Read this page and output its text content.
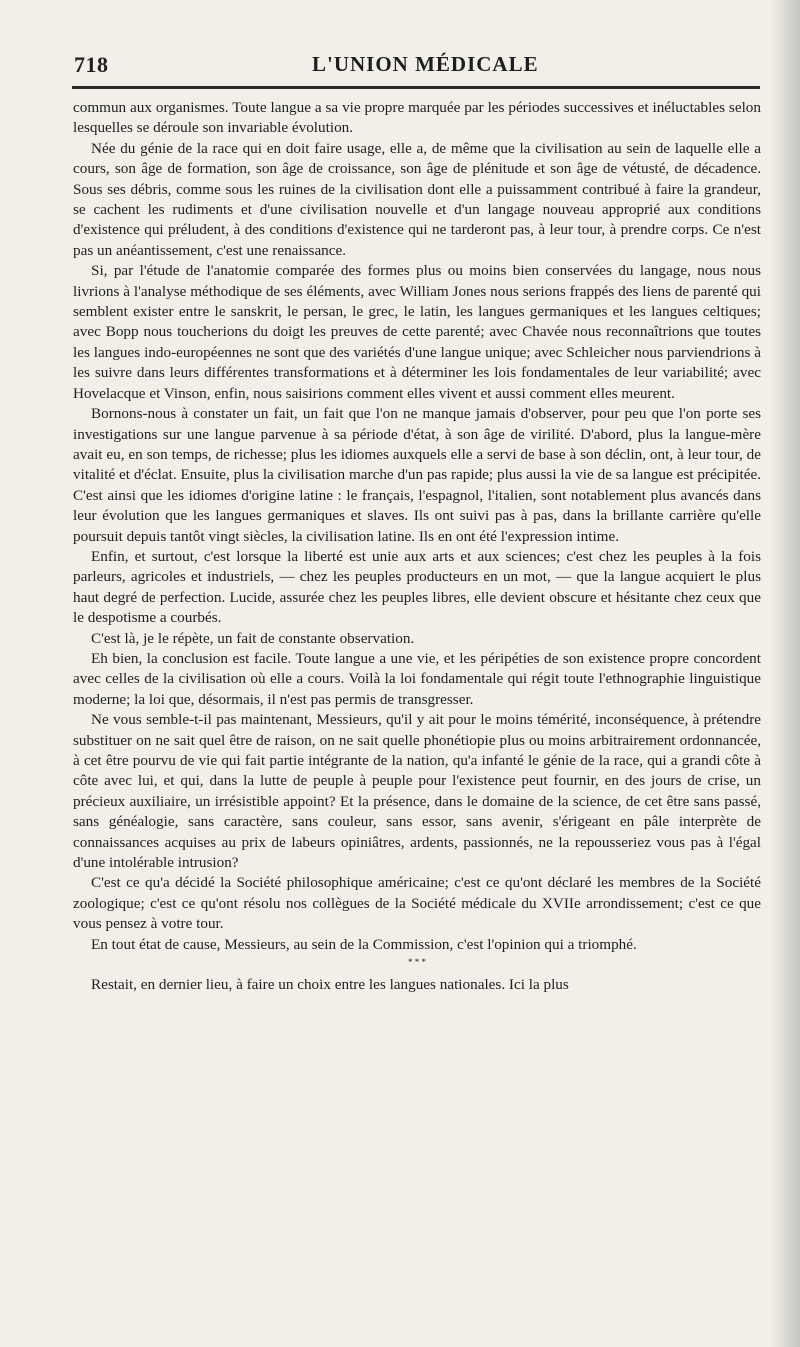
718	L'UNION MÉDICALE

commun aux organismes. Toute langue a sa vie propre marquée par les périodes successives et inéluctables selon lesquelles se déroule son invariable évolution.

Née du génie de la race qui en doit faire usage, elle a, de même que la civilisation au sein de laquelle elle a cours, son âge de formation, son âge de croissance, son âge de plénitude et son âge de vétusté, de décadence. Sous ses débris, comme sous les ruines de la civilisation dont elle a puissamment contribué à faire la grandeur, se cachent les rudiments et d'une civilisation nouvelle et d'un langage nouveau approprié aux conditions d'existence qui préludent, à des conditions d'existence qui ne tarderont pas, à leur tour, à prendre corps. Ce n'est pas un anéantissement, c'est une renaissance.

Si, par l'étude de l'anatomie comparée des formes plus ou moins bien conservées du langage, nous nous livrions à l'analyse méthodique de ses éléments, avec William Jones nous serions frappés des liens de parenté qui semblent exister entre le sanskrit, le persan, le grec, le latin, les langues germaniques et les langues celtiques; avec Bopp nous toucherions du doigt les preuves de cette parenté; avec Chavée nous reconnaîtrions que toutes les langues indo-européennes ne sont que des variétés d'une langue unique; avec Schleicher nous parviendrions à les suivre dans leurs différentes transformations et à déterminer les lois fondamentales de leur variabilité; avec Hovelacque et Vinson, enfin, nous saisirions comment elles vivent et aussi comment elles meurent.

Bornons-nous à constater un fait, un fait que l'on ne manque jamais d'observer, pour peu que l'on porte ses investigations sur une langue parvenue à sa période d'état, à son âge de virilité. D'abord, plus la langue-mère avait eu, en son temps, de richesse; plus les idiomes auxquels elle a servi de base à son déclin, ont, à leur tour, de vitalité et d'éclat. Ensuite, plus la civilisation marche d'un pas rapide; plus aussi la vie de sa langue est précipitée. C'est ainsi que les idiomes d'origine latine : le français, l'espagnol, l'italien, sont notablement plus avancés dans leur évolution que les langues germaniques et slaves. Ils ont suivi pas à pas, dans la brillante carrière qu'elle poursuit depuis tantôt vingt siècles, la civilisation latine. Ils en ont été l'expression intime.

Enfin, et surtout, c'est lorsque la liberté est unie aux arts et aux sciences; c'est chez les peuples à la fois parleurs, agricoles et industriels, — chez les peuples producteurs en un mot, — que la langue acquiert le plus haut degré de perfection. Lucide, assurée chez les peuples libres, elle devient obscure et hésitante chez ceux que le despotisme a courbés.

C'est là, je le répète, un fait de constante observation.

Eh bien, la conclusion est facile. Toute langue a une vie, et les péripéties de son existence propre concordent avec celles de la civilisation où elle a cours. Voilà la loi fondamentale qui régit toute l'ethnographie linguistique moderne; la loi que, désormais, il n'est pas permis de transgresser.

Ne vous semble-t-il pas maintenant, Messieurs, qu'il y ait pour le moins témérité, inconséquence, à prétendre substituer on ne sait quel être de raison, on ne sait quelle phonétiopie plus ou moins arbitrairement ordonnancée, à cet être pourvu de vie qui fait partie intégrante de la nation, qu'a infanté le génie de la race, qui a grandi côte à côte avec lui, et qui, dans la lutte de peuple à peuple pour l'existence peut fournir, en des jours de crise, un précieux auxiliaire, un irrésistible appoint? Et la présence, dans le domaine de la science, de cet être sans passé, sans généalogie, sans caractère, sans couleur, sans essor, sans avenir, s'érigeant en pâle interprète de connaissances acquises au prix de labeurs opiniâtres, ardents, passionnés, ne la repousseriez vous pas à l'égal d'une intolérable intrusion?

C'est ce qu'a décidé la Société philosophique américaine; c'est ce qu'ont déclaré les membres de la Société zoologique; c'est ce qu'ont résolu nos collègues de la Société médicale du XVIIe arrondissement; c'est ce que vous pensez à votre tour.

En tout état de cause, Messieurs, au sein de la Commission, c'est l'opinion qui a triomphé.

* * *

Restait, en dernier lieu, à faire un choix entre les langues nationales. Ici la plus
